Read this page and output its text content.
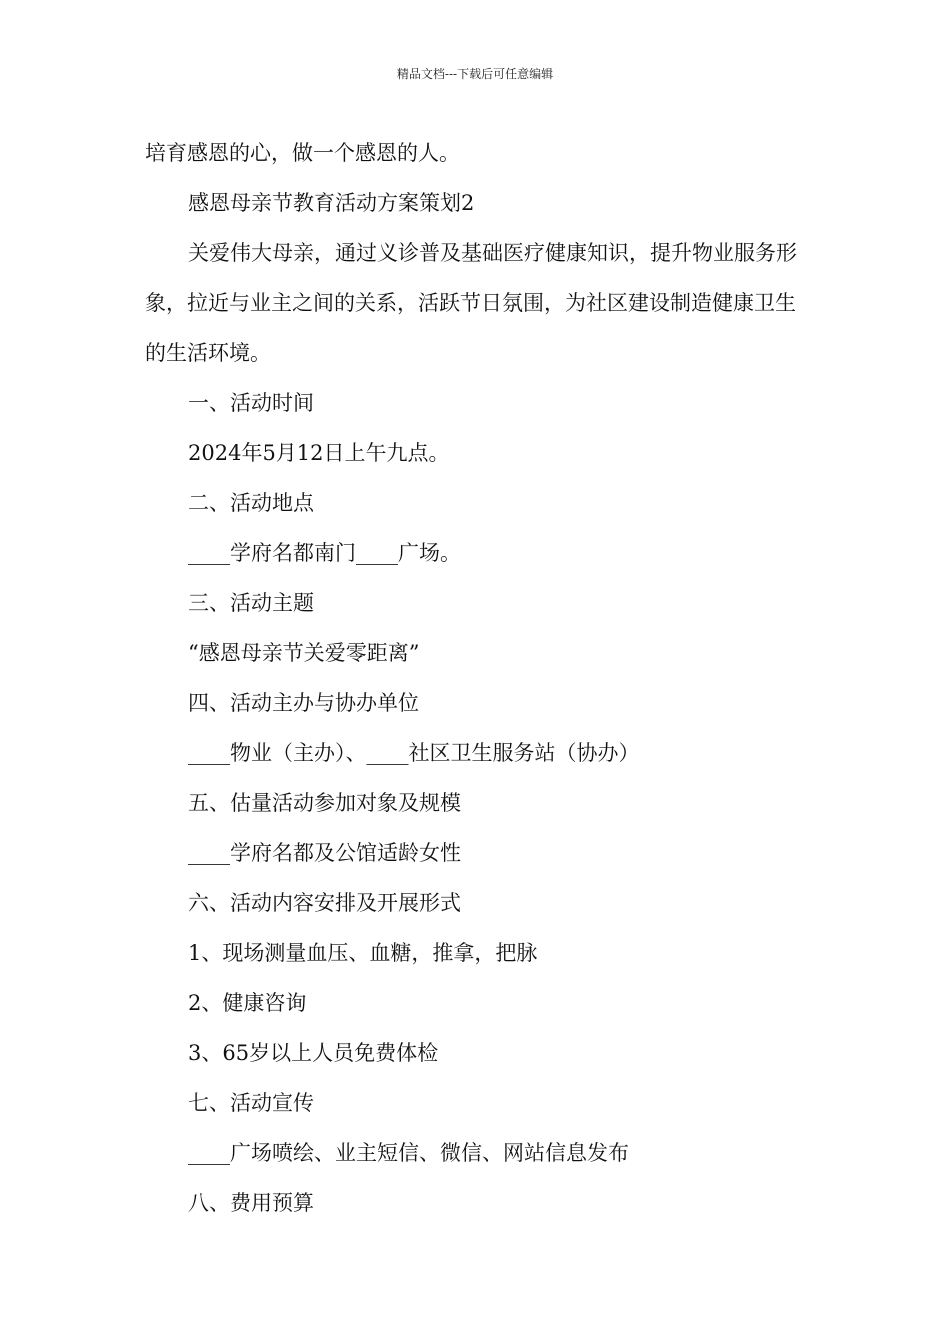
精品文档---下载后可任意编辑

培育感恩的心，做一个感恩的人。

感恩母亲节教育活动方案策划2

关爱伟大母亲，通过义诊普及基础医疗健康知识，提升物业服务形象，拉近与业主之间的关系，活跃节日氛围，为社区建设制造健康卫生的生活环境。

一、活动时间

2024年5月12日上午九点。

二、活动地点

____学府名都南门____广场。

三、活动主题

“感恩母亲节关爱零距离”

四、活动主办与协办单位

____物业（主办）、____社区卫生服务站（协办）

五、估量活动参加对象及规模

____学府名都及公馆适龄女性

六、活动内容安排及开展形式

1、现场测量血压、血糖，推拿，把脉

2、健康咨询

3、65岁以上人员免费体检

七、活动宣传

____广场喷绘、业主短信、微信、网站信息发布

八、费用预算
